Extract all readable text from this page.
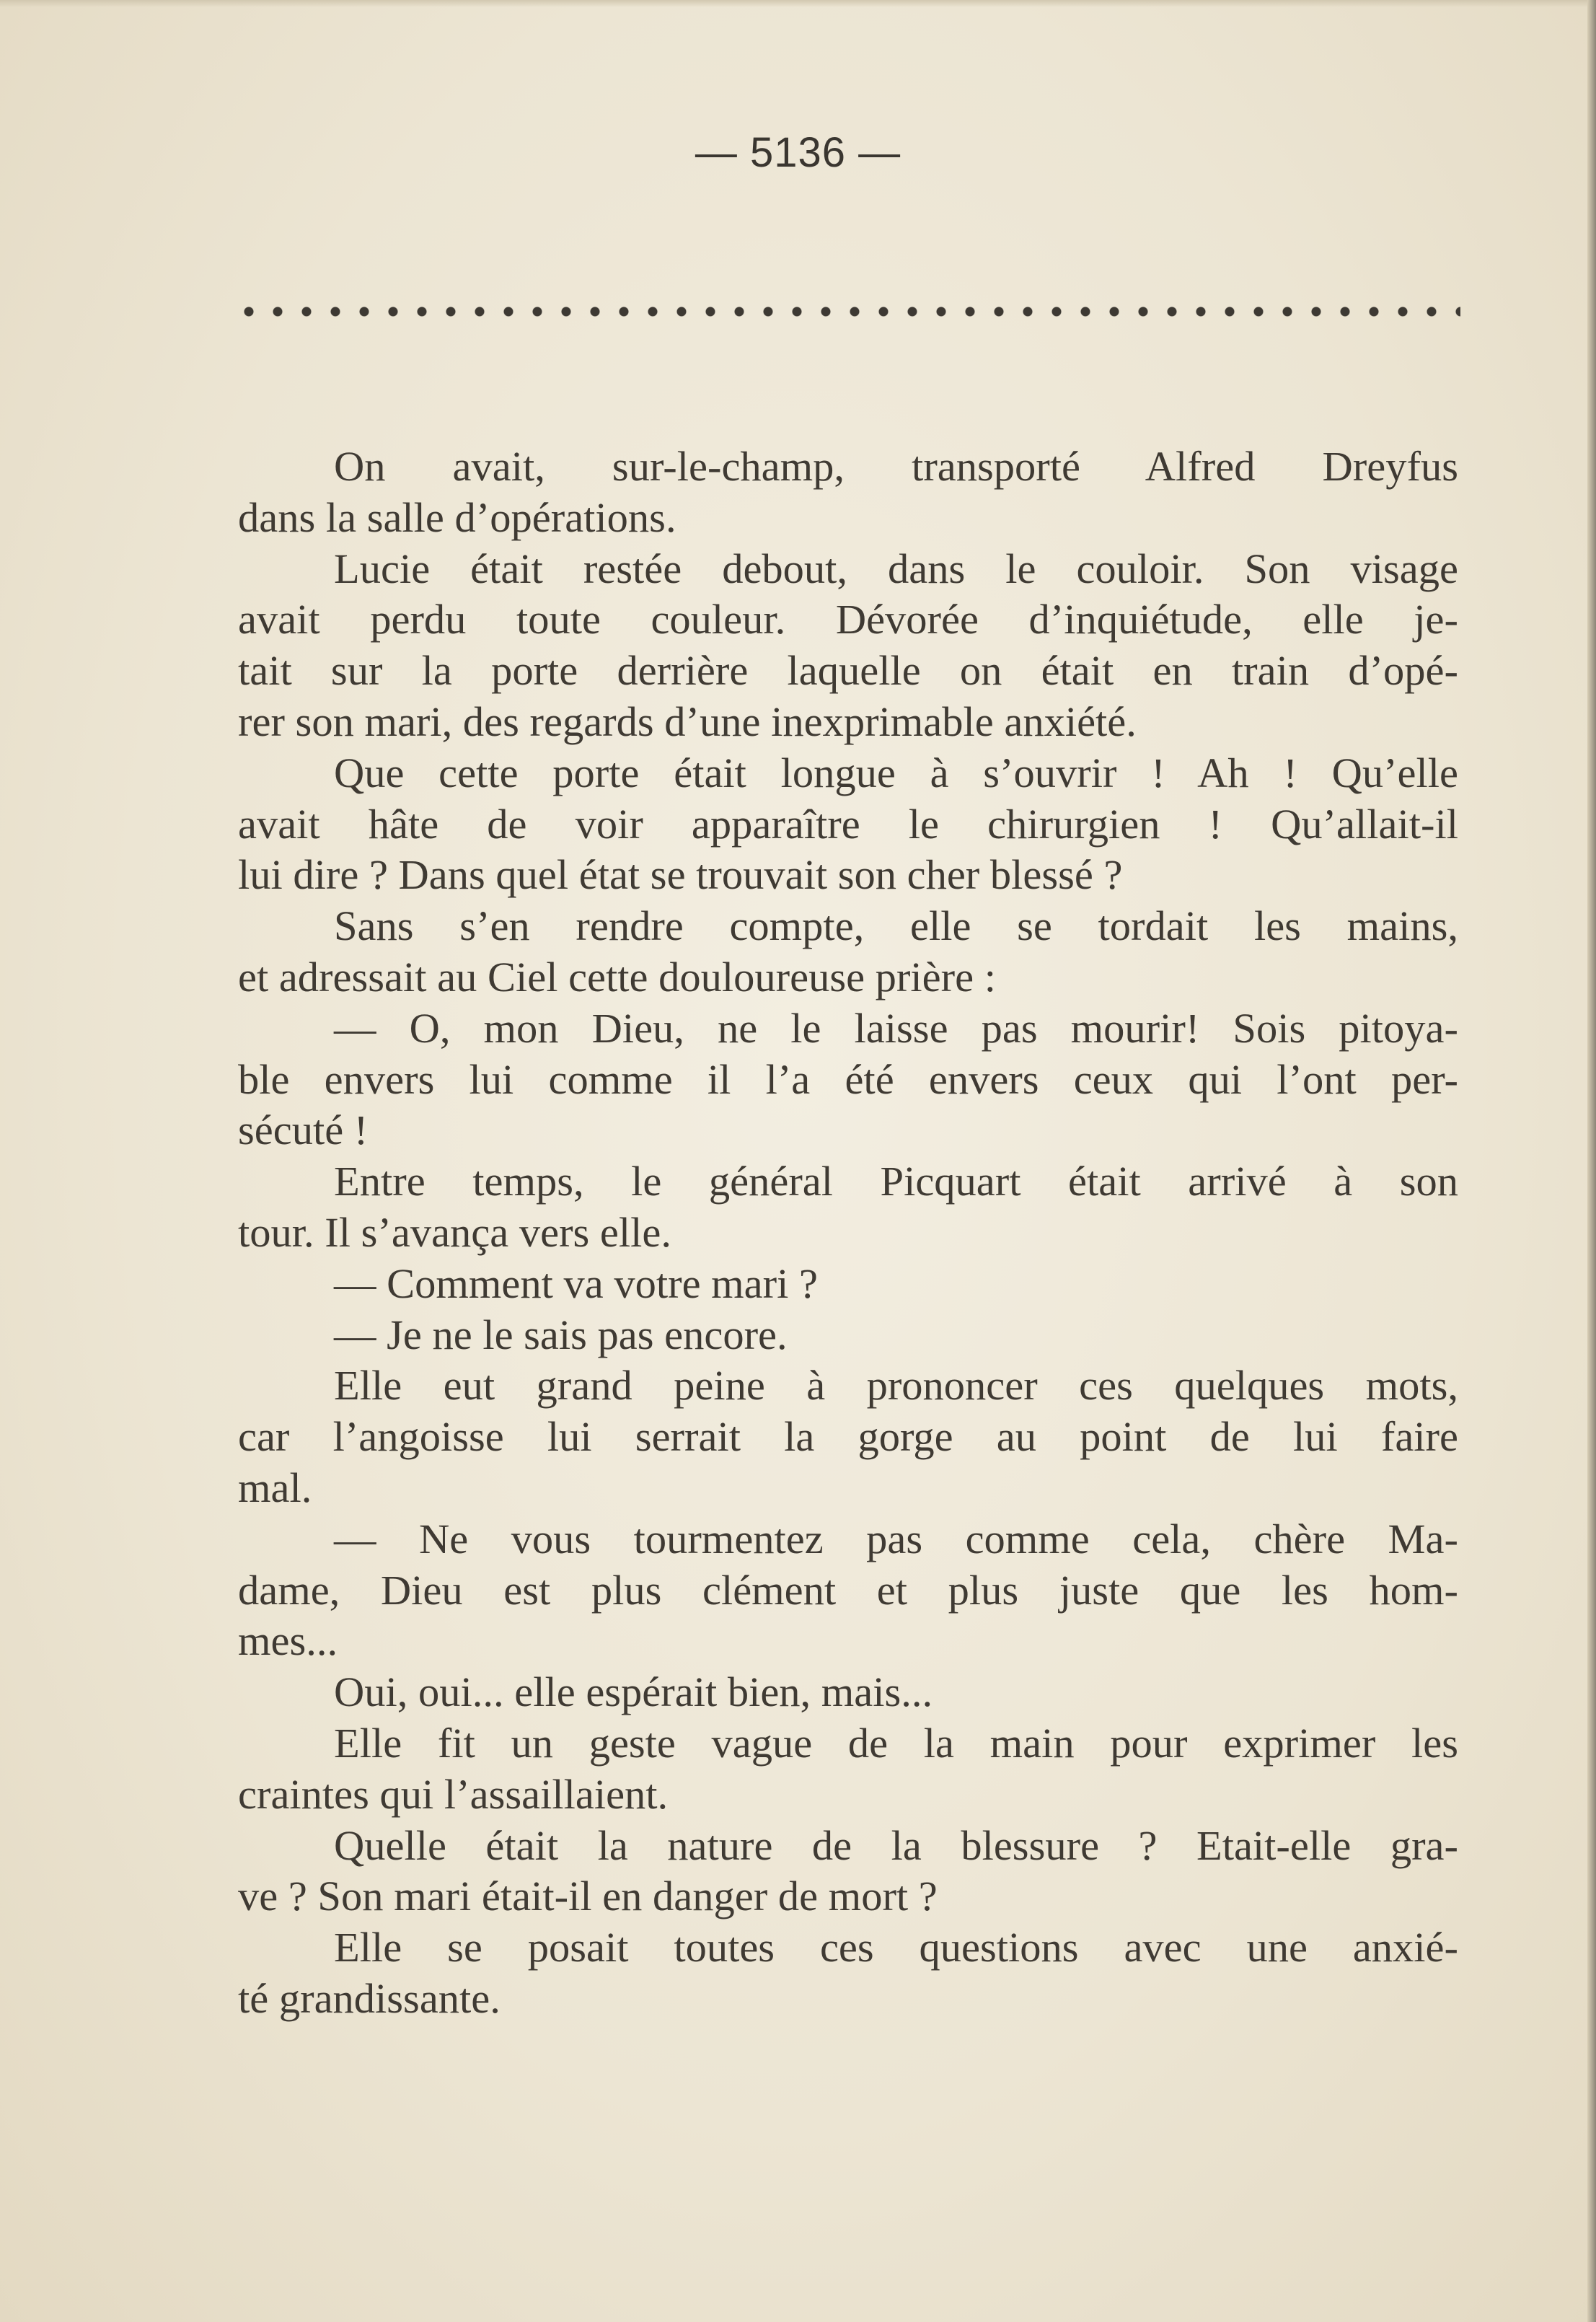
— 5136 —
On avait, sur-le-champ, transporté Alfred Dreyfus
dans la salle d’opérations.
Lucie était restée debout, dans le couloir. Son visage
avait perdu toute couleur. Dévorée d’inquiétude, elle je-
tait sur la porte derrière laquelle on était en train d’opé-
rer son mari, des regards d’une inexprimable anxiété.
Que cette porte était longue à s’ouvrir ! Ah ! Qu’elle
avait hâte de voir apparaître le chirurgien ! Qu’allait-il
lui dire ? Dans quel état se trouvait son cher blessé ?
Sans s’en rendre compte, elle se tordait les mains,
et adressait au Ciel cette douloureuse prière :
— O, mon Dieu, ne le laisse pas mourir! Sois pitoya-
ble envers lui comme il l’a été envers ceux qui l’ont per-
sécuté !
Entre temps, le général Picquart était arrivé à son
tour. Il s’avança vers elle.
— Comment va votre mari ?
— Je ne le sais pas encore.
Elle eut grand peine à prononcer ces quelques mots,
car l’angoisse lui serrait la gorge au point de lui faire
mal.
— Ne vous tourmentez pas comme cela, chère Ma-
dame, Dieu est plus clément et plus juste que les hom-
mes...
Oui, oui... elle espérait bien, mais...
Elle fit un geste vague de la main pour exprimer les
craintes qui l’assaillaient.
Quelle était la nature de la blessure ? Etait-elle gra-
ve ? Son mari était-il en danger de mort ?
Elle se posait toutes ces questions avec une anxié-
té grandissante.
